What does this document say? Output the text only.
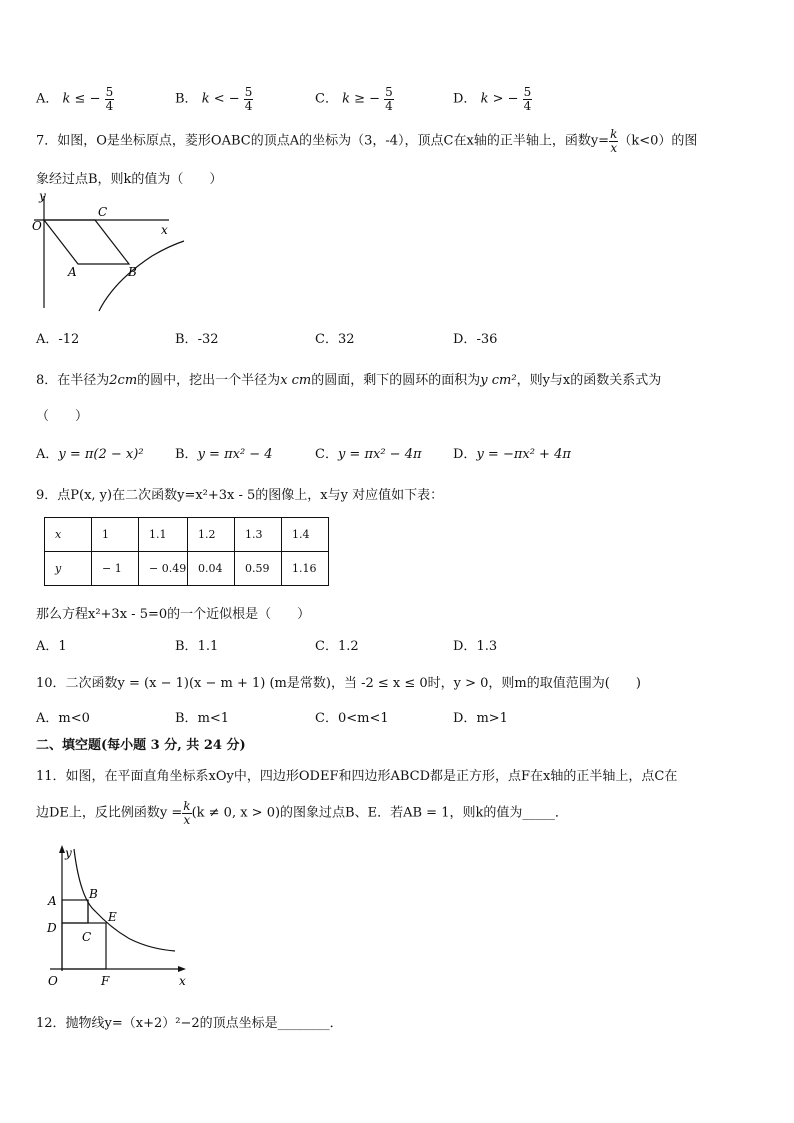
A． k ≤ − $\frac{5}{4}$	B． k < − $\frac{5}{4}$	C． k ≥ − $\frac{5}{4}$	D． k > − $\frac{5}{4}$
7．如图，O是坐标原点，菱形OABC的顶点A的坐标为（3，-4），顶点C在x轴的正半轴上，函数$y= \frac{k}{x} (k<0)$的图
象经过点B，则k的值为（　　）
y
x
O
C
A	B
A．-12	B．-32	C．32	D．-36
8．在半径为2cm的圆中，挖出一个半径为x cm的圆面，剩下的圆环的面积为y cm²，则y与x的函数关系式为
（　　）
A．y = π(2 − x)² B．y = πx² − 4	C．y = πx² − 4π D．y = −πx² + 4π
9．点P(x, y)在二次函数y=x²+3x - 5的图像上，x与y 对应值如下表：
x	1	1.1	1.2	1.3	1.4
y	− 1	− 0.49	0.04	0.59	1.16
那么方程x²+3x - 5=0的一个近似根是（　　）
A．1	B．1.1	C．1.2	D．1.3
10．二次函数y = (x − 1)(x − m + 1) (m是常数)，当 -2 ≤ x ≤ 0时，y > 0，则m的取值范围为(　　)
A．m<0	B．m<1	C．0<m<1	D．m>1
二、填空题(每小题 3 分, 共 24 分)
11．如图，在平面直角坐标系xOy中，四边形ODEF和四边形ABCD都是正方形，点F在x轴的正半轴上，点C在
边DE上，反比例函数$y = \frac{k}{x} (k \ne 0$, x > 0)的图象过点B、E．若AB = 1，则k的值为_____．
y
x
O
A	B
D
C
E
F
12．抛物线y=（x+2）²−2的顶点坐标是________．
